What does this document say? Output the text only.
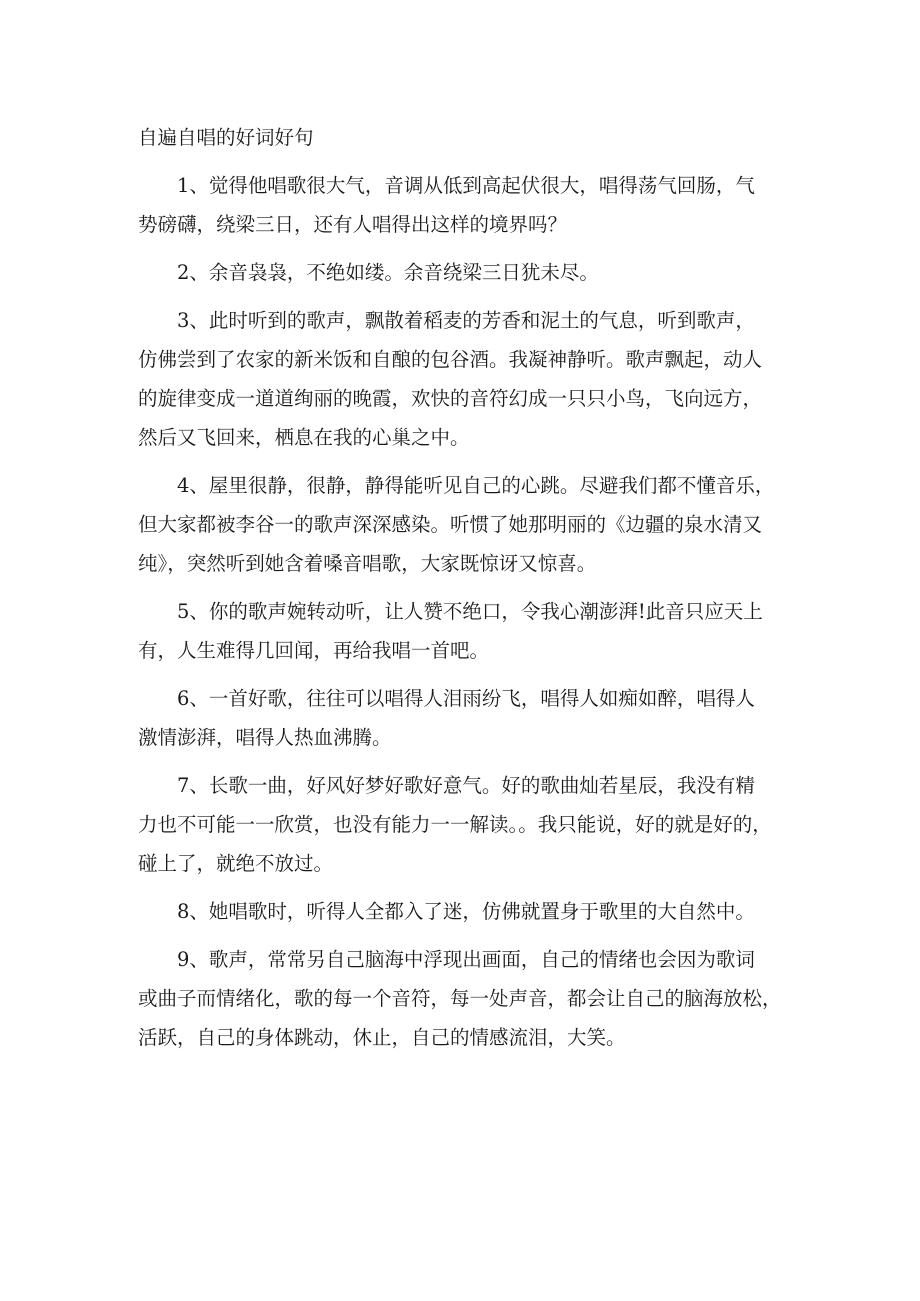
自遍自唱的好词好句

1、觉得他唱歌很大气，音调从低到高起伏很大，唱得荡气回肠，气
势磅礴，绕梁三日，还有人唱得出这样的境界吗？

2、余音袅袅，不绝如缕。余音绕梁三日犹未尽。

3、此时听到的歌声，飘散着稻麦的芳香和泥土的气息，听到歌声，
仿佛尝到了农家的新米饭和自酿的包谷酒。我凝神静听。歌声飘起，动人
的旋律变成一道道绚丽的晚霞，欢快的音符幻成一只只小鸟，飞向远方，
然后又飞回来，栖息在我的心巢之中。

4、屋里很静，很静，静得能听见自己的心跳。尽避我们都不懂音乐，
但大家都被李谷一的歌声深深感染。听惯了她那明丽的《边疆的泉水清又
纯》，突然听到她含着嗓音唱歌，大家既惊讶又惊喜。

5、你的歌声婉转动听，让人赞不绝口，令我心潮澎湃!此音只应天上
有，人生难得几回闻，再给我唱一首吧。

6、一首好歌，往往可以唱得人泪雨纷飞，唱得人如痴如醉，唱得人
激情澎湃，唱得人热血沸腾。

7、长歌一曲，好风好梦好歌好意气。好的歌曲灿若星辰，我没有精
力也不可能一一欣赏，也没有能力一一解读。。我只能说，好的就是好的，
碰上了，就绝不放过。

8、她唱歌时，听得人全都入了迷，仿佛就置身于歌里的大自然中。

9、歌声，常常另自己脑海中浮现出画面，自己的情绪也会因为歌词
或曲子而情绪化，歌的每一个音符，每一处声音，都会让自己的脑海放松，
活跃，自己的身体跳动，休止，自己的情感流泪，大笑。
